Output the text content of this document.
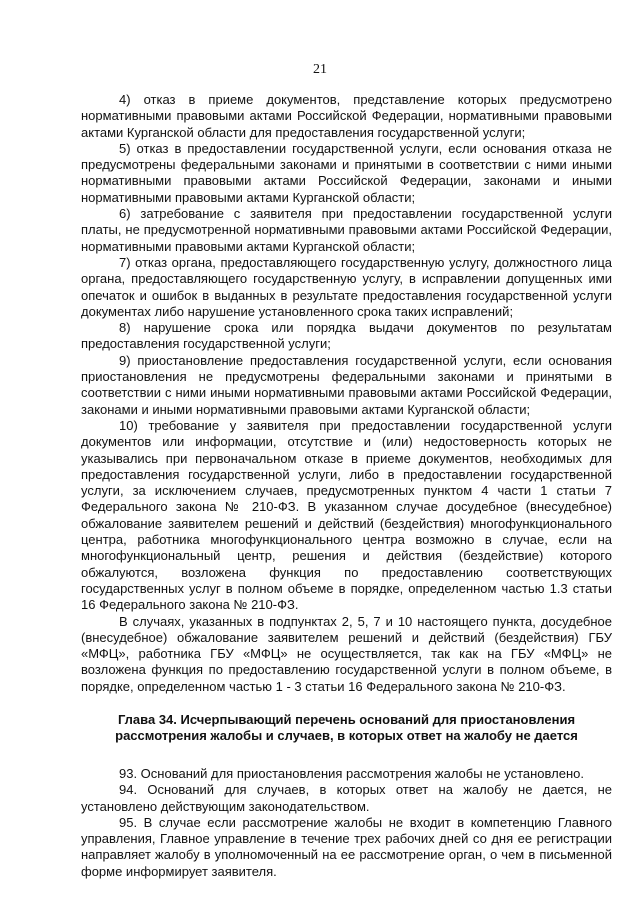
21

4) отказ в приеме документов, представление которых предусмотрено нормативными правовыми актами Российской Федерации, нормативными правовыми актами Курганской области для предоставления государственной услуги;

5) отказ в предоставлении государственной услуги, если основания отказа не предусмотрены федеральными законами и принятыми в соответствии с ними иными нормативными правовыми актами Российской Федерации, законами и иными нормативными правовыми актами Курганской области;

6) затребование с заявителя при предоставлении государственной услуги платы, не предусмотренной нормативными правовыми актами Российской Федерации, нормативными правовыми актами Курганской области;

7) отказ органа, предоставляющего государственную услугу, должностного лица органа, предоставляющего государственную услугу, в исправлении допущенных ими опечаток и ошибок в выданных в результате предоставления государственной услуги документах либо нарушение установленного срока таких исправлений;

8) нарушение срока или порядка выдачи документов по результатам предоставления государственной услуги;

9) приостановление предоставления государственной услуги, если основания приостановления не предусмотрены федеральными законами и принятыми в соответствии с ними иными нормативными правовыми актами Российской Федерации, законами и иными нормативными правовыми актами Курганской области;

10) требование у заявителя при предоставлении государственной услуги документов или информации, отсутствие и (или) недостоверность которых не указывались при первоначальном отказе в приеме документов, необходимых для предоставления государственной услуги, либо в предоставлении государственной услуги, за исключением случаев, предусмотренных пунктом 4 части 1 статьи 7 Федерального закона № 210-ФЗ. В указанном случае досудебное (внесудебное) обжалование заявителем решений и действий (бездействия) многофункционального центра, работника многофункционального центра возможно в случае, если на многофункциональный центр, решения и действия (бездействие) которого обжалуются, возложена функция по предоставлению соответствующих государственных услуг в полном объеме в порядке, определенном частью 1.3 статьи 16 Федерального закона № 210-ФЗ.

В случаях, указанных в подпунктах 2, 5, 7 и 10 настоящего пункта, досудебное (внесудебное) обжалование заявителем решений и действий (бездействия) ГБУ «МФЦ», работника ГБУ «МФЦ» не осуществляется, так как на ГБУ «МФЦ» не возложена функция по предоставлению государственной услуги в полном объеме, в порядке, определенном частью 1 - 3 статьи 16 Федерального закона № 210-ФЗ.

Глава 34. Исчерпывающий перечень оснований для приостановления

рассмотрения жалобы и случаев, в которых ответ на жалобу не дается

93. Оснований для приостановления рассмотрения жалобы не установлено.

94. Оснований для случаев, в которых ответ на жалобу не дается, не установлено действующим законодательством.

95. В случае если рассмотрение жалобы не входит в компетенцию Главного управления, Главное управление в течение трех рабочих дней со дня ее регистрации направляет жалобу в уполномоченный на ее рассмотрение орган, о чем в письменной форме информирует заявителя.
